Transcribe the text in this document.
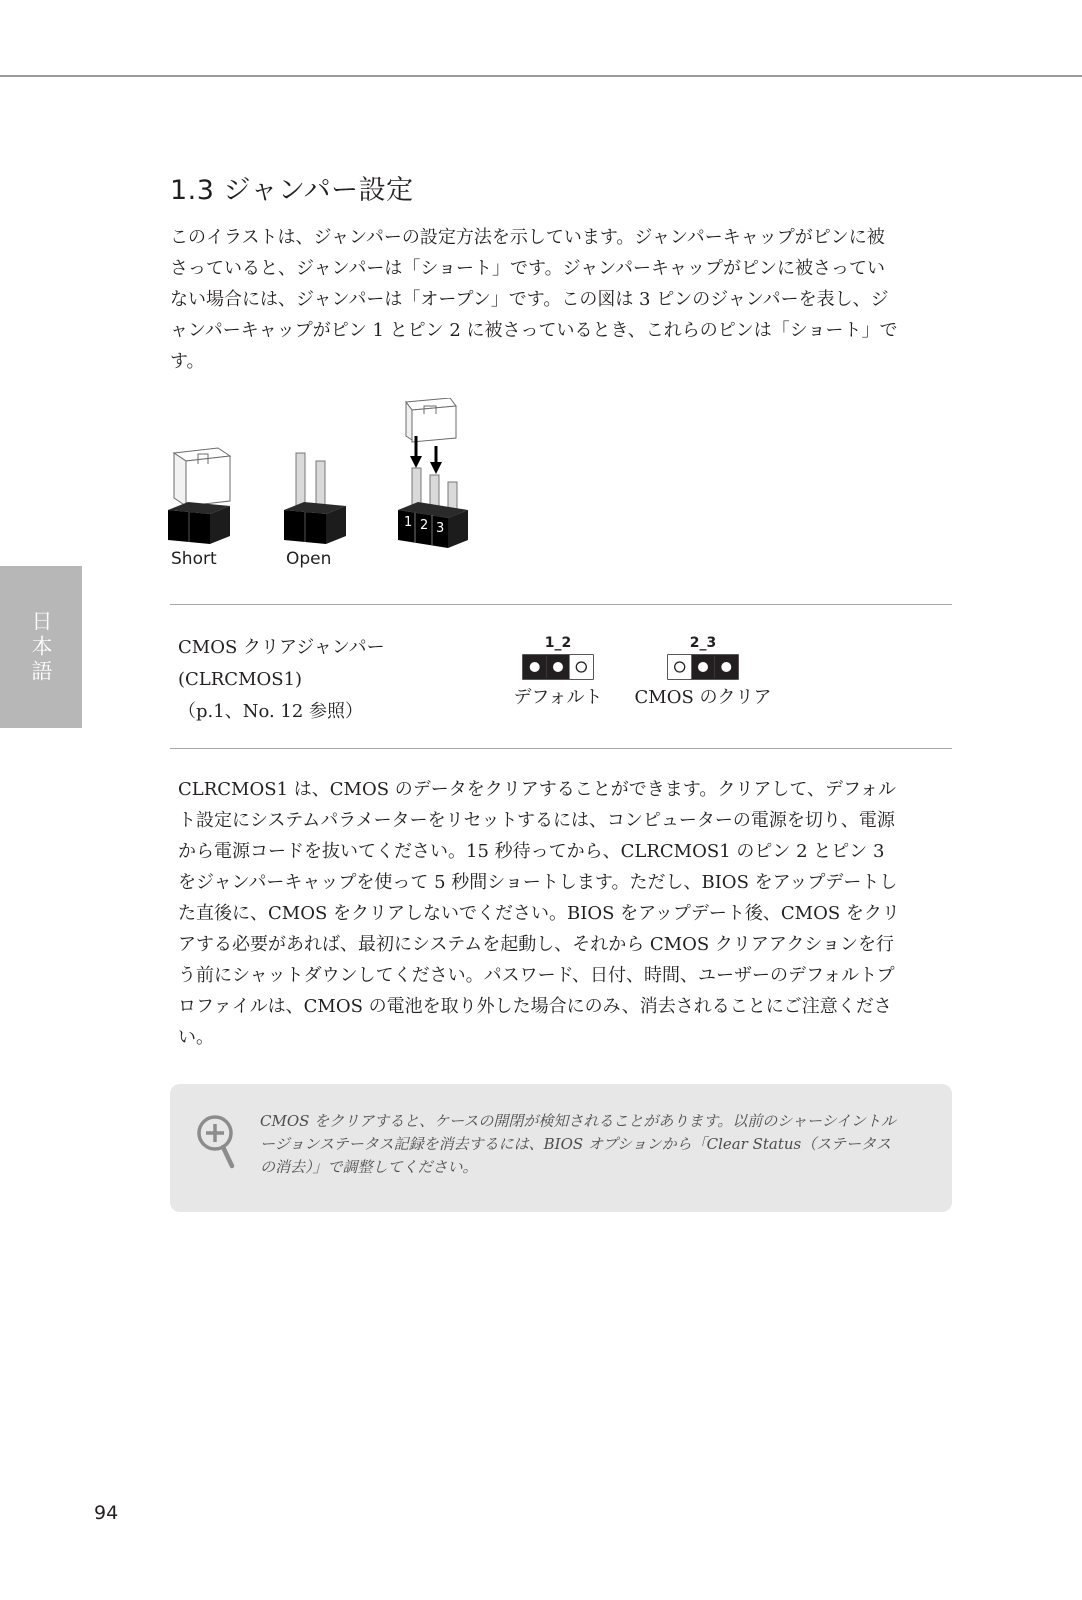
日本語
1.3 ジャンパー設定

このイラストは、ジャンパーの設定方法を示しています。ジャンパーキャップがピンに被さっていると、ジャンパーは「ショート」です。ジャンパーキャップがピンに被さっていない場合には、ジャンパーは「オープン」です。この図は 3 ピンのジャンパーを表し、ジャンパーキャップがピン 1 とピン 2 に被さっているとき、これらのピンは「ショート」です。

Short	Open
1 2 3
CMOS クリアジャンパー
(CLRCMOS1)
（p.1、No. 12 参照）
1_2
デフォルト
2_3
CMOS のクリア

CLRCMOS1 は、CMOS のデータをクリアすることができます。クリアして、デフォルト設定にシステムパラメーターをリセットするには、コンピューターの電源を切り、電源から電源コードを抜いてください。15 秒待ってから、CLRCMOS1 のピン 2 とピン 3 をジャンパーキャップを使って 5 秒間ショートします。ただし、BIOS をアップデートした直後に、CMOS をクリアしないでください。BIOS をアップデート後、CMOS をクリアする必要があれば、最初にシステムを起動し、それから CMOS クリアアクションを行う前にシャットダウンしてください。パスワード、日付、時間、ユーザーのデフォルトプロファイルは、CMOS の電池を取り外した場合にのみ、消去されることにご注意ください。

CMOS をクリアすると、ケースの開閉が検知されることがあります。以前のシャーシイントルージョンステータス記録を消去するには、BIOS オプションから「Clear Status（ステータスの消去）」で調整してください。

94
